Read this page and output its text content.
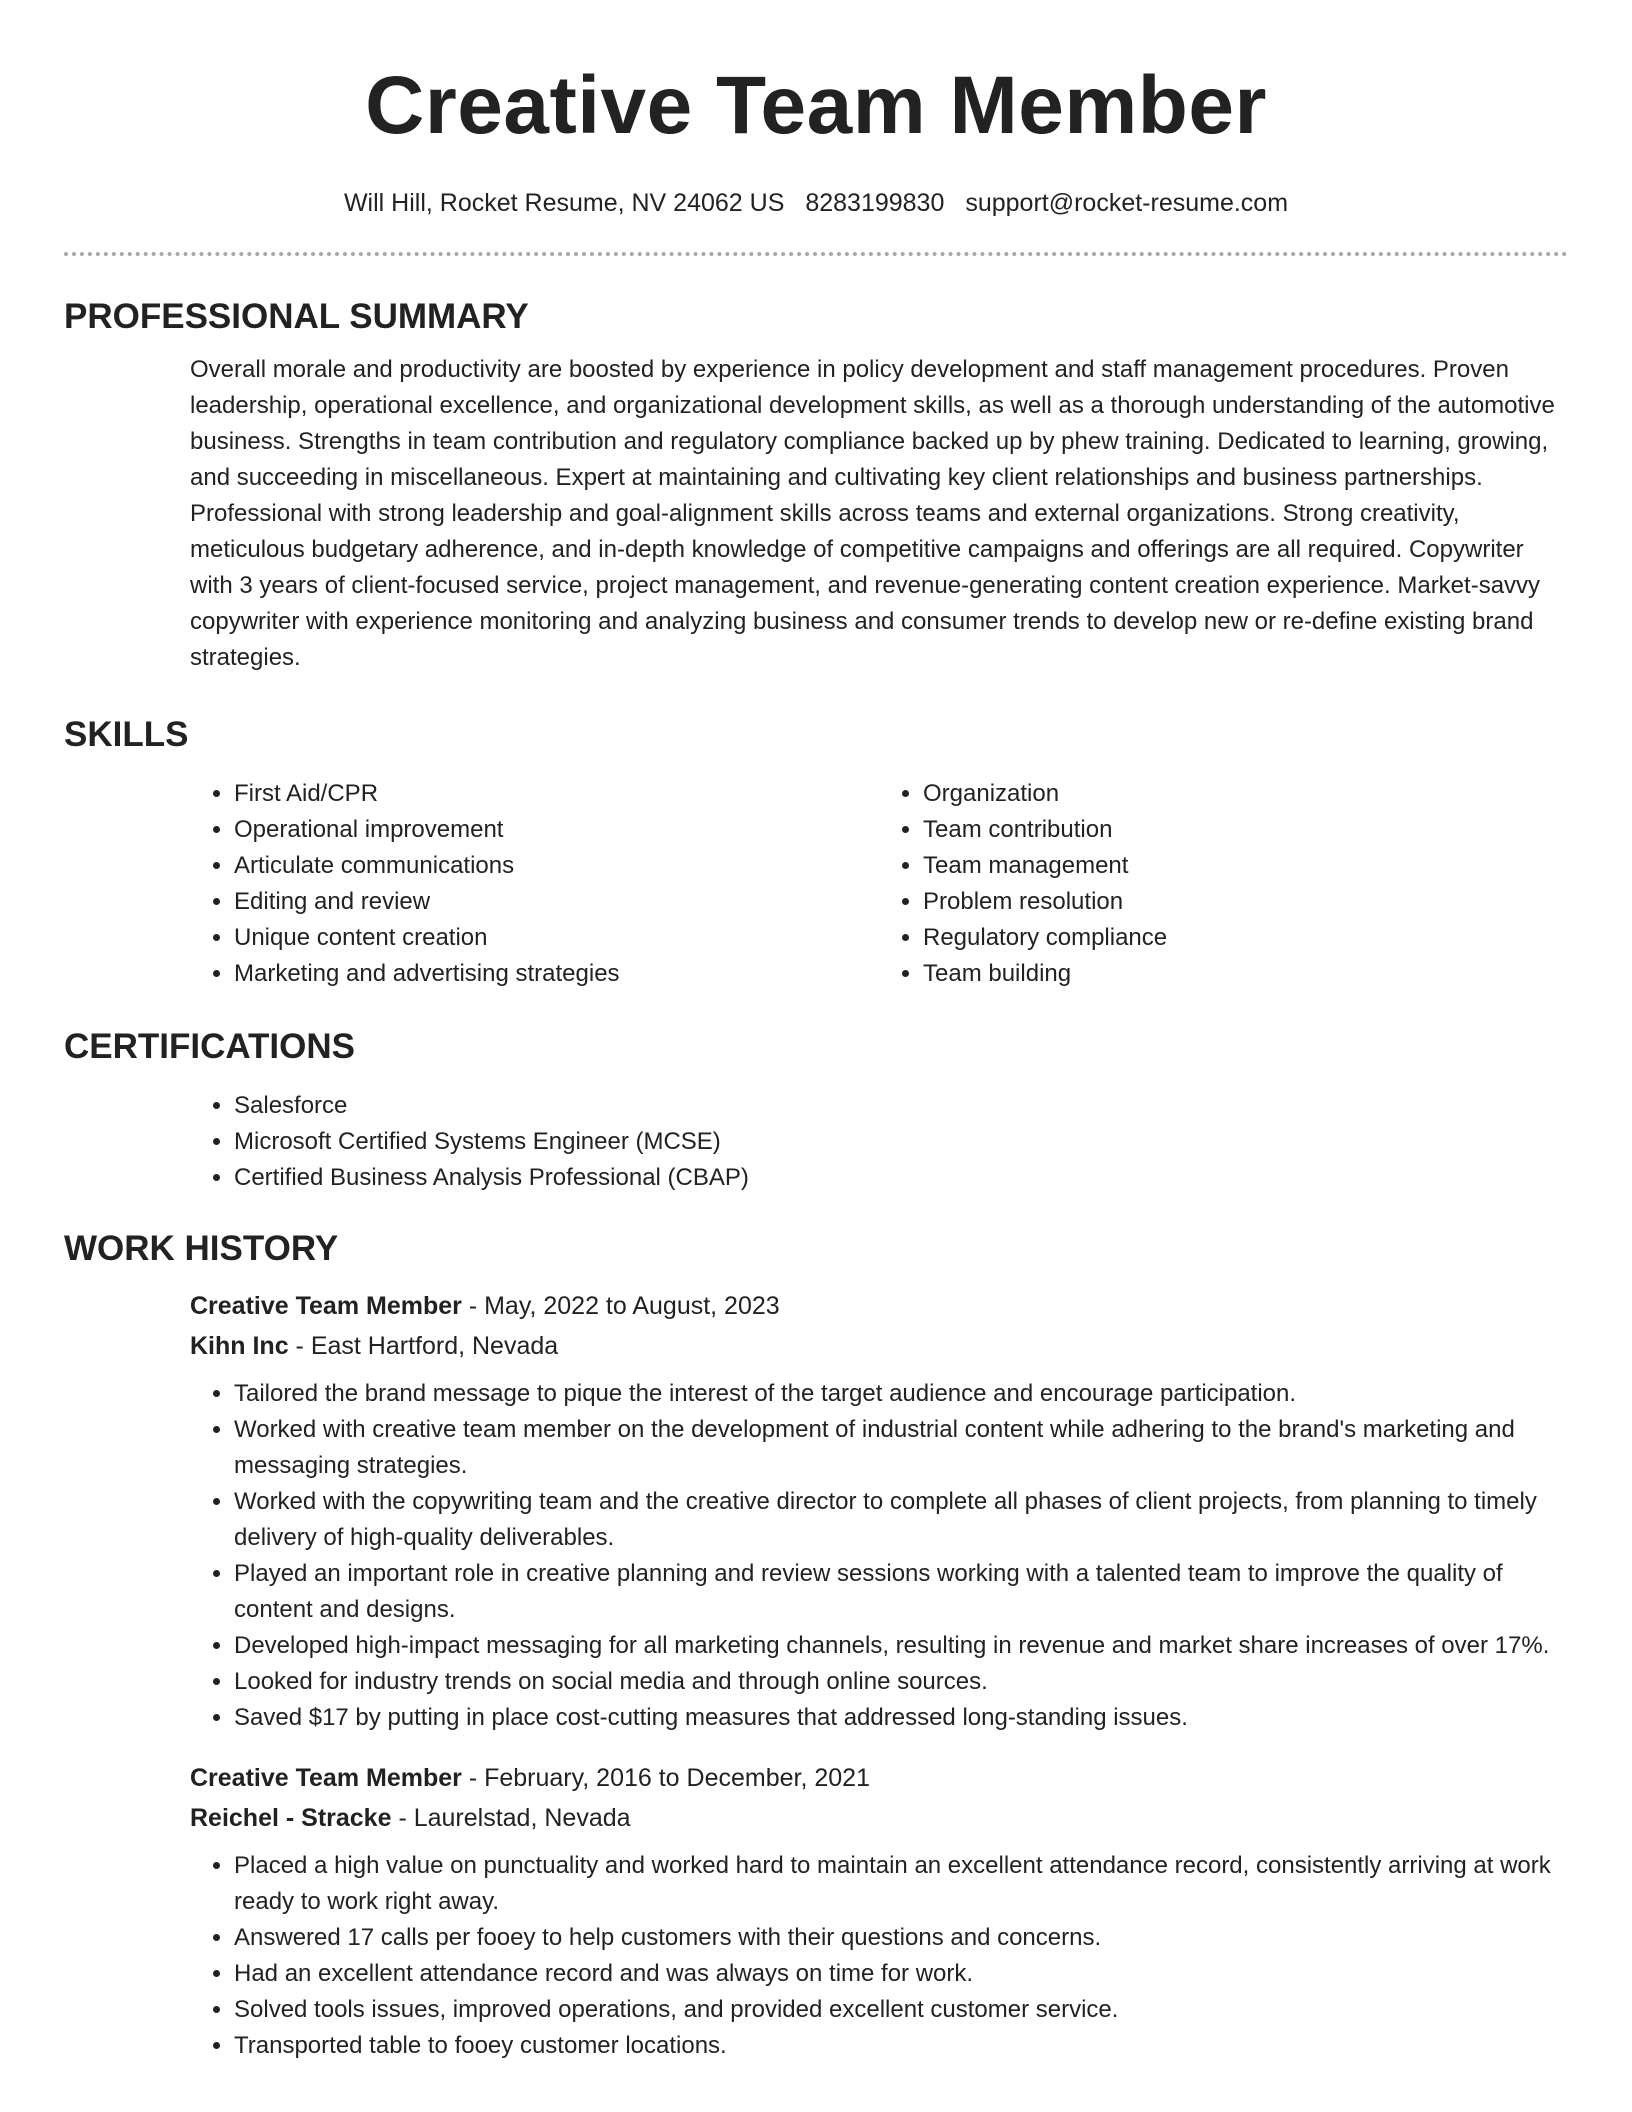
Creative Team Member
Will Hill, Rocket Resume, NV 24062 US 8283199830 support@rocket-resume.com
PROFESSIONAL SUMMARY

Overall morale and productivity are boosted by experience in policy development and staff management procedures. Proven leadership, operational excellence, and organizational development skills, as well as a thorough understanding of the automotive business. Strengths in team contribution and regulatory compliance backed up by phew training. Dedicated to learning, growing, and succeeding in miscellaneous. Expert at maintaining and cultivating key client relationships and business partnerships. Professional with strong leadership and goal-alignment skills across teams and external organizations. Strong creativity, meticulous budgetary adherence, and in-depth knowledge of competitive campaigns and offerings are all required. Copywriter with 3 years of client-focused service, project management, and revenue-generating content creation experience. Market-savvy copywriter with experience monitoring and analyzing business and consumer trends to develop new or re-define existing brand strategies.

SKILLS
• First Aid/CPR
• Operational improvement
• Articulate communications
• Editing and review
• Unique content creation
• Marketing and advertising strategies
• Organization
• Team contribution
• Team management
• Problem resolution
• Regulatory compliance
• Team building
CERTIFICATIONS
• Salesforce
• Microsoft Certified Systems Engineer (MCSE)
• Certified Business Analysis Professional (CBAP)
WORK HISTORY
Creative Team Member - May, 2022 to August, 2023
Kihn Inc - East Hartford, Nevada
• Tailored the brand message to pique the interest of the target audience and encourage participation.
• Worked with creative team member on the development of industrial content while adhering to the brand's marketing and messaging strategies.
• Worked with the copywriting team and the creative director to complete all phases of client projects, from planning to timely delivery of high-quality deliverables.
• Played an important role in creative planning and review sessions working with a talented team to improve the quality of content and designs.
• Developed high-impact messaging for all marketing channels, resulting in revenue and market share increases of over 17%.
• Looked for industry trends on social media and through online sources.
• Saved $17 by putting in place cost-cutting measures that addressed long-standing issues.
Creative Team Member - February, 2016 to December, 2021
Reichel - Stracke - Laurelstad, Nevada
• Placed a high value on punctuality and worked hard to maintain an excellent attendance record, consistently arriving at work ready to work right away.
• Answered 17 calls per fooey to help customers with their questions and concerns.
• Had an excellent attendance record and was always on time for work.
• Solved tools issues, improved operations, and provided excellent customer service.
• Transported table to fooey customer locations.
